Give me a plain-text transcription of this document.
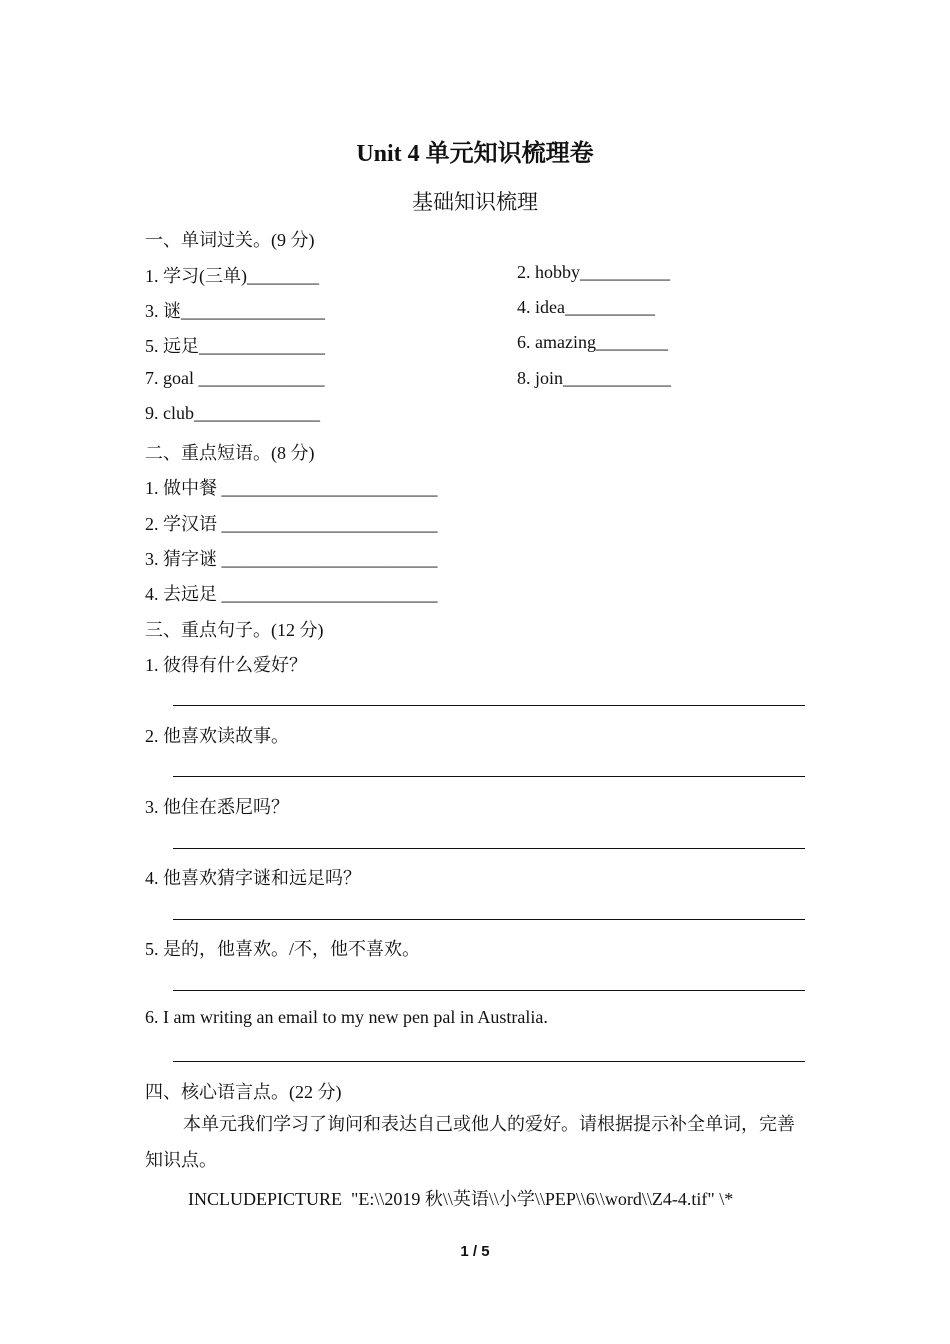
Unit 4 单元知识梳理卷
基础知识梳理
一、单词过关。(9 分)
1. 学习(三单)________	2. hobby__________
3. 谜________________	4. idea__________
5. 远足______________	6. amazing________
7. goal ______________	8. join____________
9. club______________
二、重点短语。(8 分)
1. 做中餐 ________________________
2. 学汉语 ________________________
3. 猜字谜 ________________________
4. 去远足 ________________________
三、重点句子。(12 分)
1. 彼得有什么爱好？
2. 他喜欢读故事。
3. 他住在悉尼吗？
4. 他喜欢猜字谜和远足吗？
5. 是的，他喜欢。/不，他不喜欢。
6. I am writing an email to my new pen pal in Australia.
四、核心语言点。(22 分)
本单元我们学习了询问和表达自己或他人的爱好。请根据提示补全单词，完善知识点。
INCLUDEPICTURE  "E:\\2019 秋\\英语\\小学\\PEP\\6\\word\\Z4-4.tif" \*
1 / 5
